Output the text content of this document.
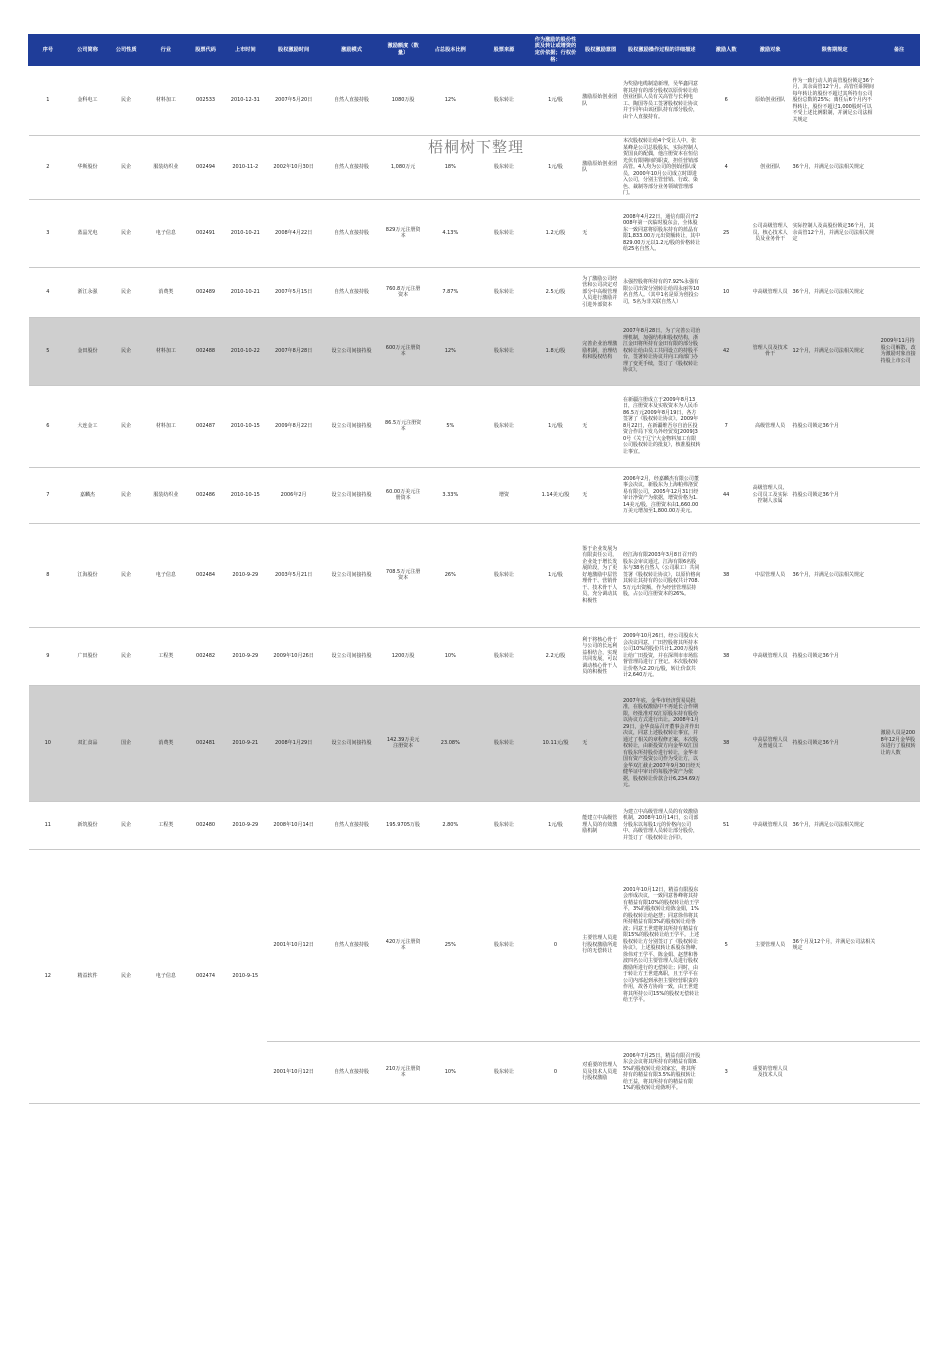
梧桐树下整理
序号	公司简称	公司性质	行业	股票代码	上市时间	股权激励时间	激励模式	激励额度（数量）	占总股本比例	股票来源	作为激励的股份性质及转让或增资的定价依据；行权价格：	股权激励意图	股权激励操作过程的详细描述	激励人数	激励对象	限售期规定	备注
1	金科电工	民企	材料加工	002533	2010-12-31	2007年5月20日	自然人直接持股	1080万股	12%	股东转让	1元/股	激励原始创业团队	为奖励电缆制造新理，吴华鑫同意将其持有的部分股权以原价转让给创业团队人员有关高管与长利电工、陶国等员工签署股权转让协议并于同年由该团队持有部分股份，由个人直接持有。	6	原始创业团队	作为一致行动人的高管股份锁定36个月，其余高管12个月。高管任职期间每年转让的股份不超过其所持有公司股份总数的25%；离任后6个月内不得转让，股份不超过1,000股时可以不受上述比例限制，并满足公司法相关规定	
2	华斯股份	民企	服装纺织业	002494	2010-11-2	2002年10月30日	自然人直接持股	1,080万元	18%	股东转让	1元/股	激励原始创业团队	本次股权转让给4个受让人中，张某峰是公司总股股东，实际控制人贺国良的配偶，他注册资本在恒信光伏有限期间的职责，担任营销部高管。4人均为公司的创始团队成员，2000年10月公司成立时即进入公司，分别主管营销、行政、染色、裁制等部分业务领域管理部门。	4	创业团队	36个月，并满足公司法相关规定	
3	蓝晶光电	民企	电子信息	002491	2010-10-21	2008年4月22日	自然人直接持股	829万元注册资本	4.13%	股东转让	1.2元/股	无	2008年4月22日，通信有限召开2008年第一次临时股东会，全体股东一致同意将原股东持有的蓝晶有限1,833.00万元出资额转让，其中829.00万元以1.2元/股的价格转让给25名自然人。	25	公司高级管理人员、核心技术人员及业务骨干	实际控制人及高股份锁定36个月，其余高管12个月，并满足公司法相关规定	
4	浙江永强	民企	消费类	002489	2010-10-21	2007年5月15日	自然人直接持股	760.8万元注册资本	7.87%	股东转让	2.5元/股	为了激励公司经营和公司决定对部分中高级管理人员进行激励并引进外部资本	永强控股将所持有的7.92%永强有限公司出资分别转让给周永丽等10名自然人。（其中1名是原为创投公司，5名为非关联自然人）	10	中高级管理人员	36个月，并满足公司法相关规定	
5	金田股份	民企	材料加工	002488	2010-10-22	2007年8月28日	设立公司间接持股	600万元注册资本	12%	股东转让	1.8元/股	完善企业治理激励机制，治理结构和股权结构	2007年8月28日，为了完善公司治理机制，加强结构和股权结构，浙江金田将所持有金田有限的部分股权转让给由员工共同设立的持股平台，签署转让协议并向工商部门办理了变更手续，签订了《股权转让协议》。	42	管理人员及技术骨干	12个月，并满足公司法相关规定	2009年11月持股公司解散，改为激励对象直接持股上市公司
6	大连金工	民企	材料加工	002487	2010-10-15	2009年8月22日	设立公司间接持股	86.5万元注册资本	5%	股东转让	1元/股	无	在新疆注册成立于2009年8月13日，注册资本及实收资本为人民币86.5万元2009年8月19日，各方签署了《股权转让协议》。2009年8月22日，在新疆维吾尔自治区投资合作局下发乌外经贸发[2009]30号《关于辽宁大金物料加工有限公司股权转让的批复》，核准股权转让事宜。	7	高级管理人员	持股公司锁定36个月	
7	嘉麟杰	民企	服装纺织业	002486	2010-10-15	2006年2月	设立公司间接持股	60.00万美元注册资本	3.33%	增资	1.14美元/股	无	2006年2月，经嘉麟杰有限公司董事会决议，新股东为上海帕弗洛贸易有限公司，2005年12月31日经审计净资产为依据，增资价格为1.14美元/股，注册资本由1,660.00万美元增加至1,800.00万美元。	44	高级管理人员、公司员工及实际控制人亲属	持股公司锁定36个月	
8	江海股份	民企	电子信息	002484	2010-9-29	2003年5月21日	设立公司间接持股	708.5万元注册资本	26%	股东转让	1元/股	鉴于企业发展为有限责任公司，企业处于增长发展阶段，为了更好地激励中层管理骨干、营销骨干、技术骨干人员，充分调动其积极性	经江海有限2003年3月8日召开的股东会审议通过，江海有限6名股东与38名自然人（公司职工）共同签署《股权转让协议》，以原价格向其转让其持有的公司股权共计708.5万元出资额，作为经营管理层持股，占公司注册资本的26%。	38	中层管理人员	36个月，并满足公司法相关规定	
9	广田股份	民企	工程类	002482	2010-9-29	2009年10月26日	设立公司间接持股	1200万股	10%	股东转让	2.2元/股	利于将核心骨干与公司的长远利益相结合，实现共同发展，可以调动核心骨干人员的积极性	2009年10月26日，经公司股东大会决议同意，广田控股将其所持本公司10%的股份共计1,200万股转让给广田投资，并在深圳市市场监督管理局进行了登记。本次股权转让价格为2.20元/股，转让价款共计2,640万元。	38	中高级管理人员	持股公司锁定36个月	
10	双汇食品	国企	消费类	002481	2010-9-21	2008年1月29日	设立公司间接持股	142.39万美元注册资本	23.08%	股东转让	10.11元/股	无	2007年底，金华市经济贸易局批准，在股权激励中不再延长合作期限，经批准对双汇原股东持有股份以协议方式进行出让。2008年1月29日，金华食品召开董事会并作出决议，同意上述股权转让事宜，并通过了相关的章程修正案。本次股权转让，由新投资方向金华双汇国有股东所持股份进行转让，金华市国有资产投资公司作为受让方，以金华双汇截止2007年9月30日经天健华证中审计的每股净资产为依据，股权转让价款合计6,234.69万元。	38	中高层管理人员及普通员工	持股公司锁定36个月	激励人员是2008年12月金华股东进行了股权转让的人数
11	新筑股份	民企	工程类	002480	2010-9-29	2008年10月14日	自然人直接持股	195.9705万股	2.80%	股东转让	1元/股	能建立中高级管理人员的有效激励机制	为建立中高级管理人员的有效激励机制，2008年10月14日，公司部分股东以每股1元的价格向公司中、高级管理人员转让部分股份，并签订了《股权转让合同》。	51	中高级管理人员	36个月，并满足公司法相关规定	
12	精益软件	民企	电子信息	002474	2010-9-15	2001年10月12日	自然人直接持股	420万元注册资本	25%	股东转让	0	主要管理人员进行股权激励所进行的无偿转让	2001年10月12日，精益有限股东会形成决议，一致同意鲁峰将其持有精益有限10%的股权转让给王学平，3%的股权转让给陈金娟，1%的股权转让给赵慧；同意徐伟将其所持精益有限3%的股权转让给鲁波；同意王世建将其所持有精益有限15%的股权转让给王学平。上述股权转让方分别签订了《股权转让协议》。上述股权转让系股东鲁峰、徐伟对王学平、陈金娟、赵慧和鲁波四名公司主要管理人员进行股权激励所进行的无偿转让；同时，由于转让方王世建离职，且王学平在公司内部起到承担主要经营职责的作用，故各方协商一致，由王世建将其所持公司15%的股权无偿转让给王学平。	5	主要管理人员	36个月及12个月，并满足公司法相关规定	
						2001年10月12日	自然人直接持股	210万元注册资本	10%	股东转让	0	对重要的管理人员及技术人员进行股权激励	2006年7月25日，精益有限召开股东会会议将其所持有的精益有限8.5%的股权转让给刘家宏，将其所持有的精益有限3.5%的股权转让给王益，将其所持有的精益有限1%的股权转让给陈明平。	3	重要的管理人员及技术人员		
